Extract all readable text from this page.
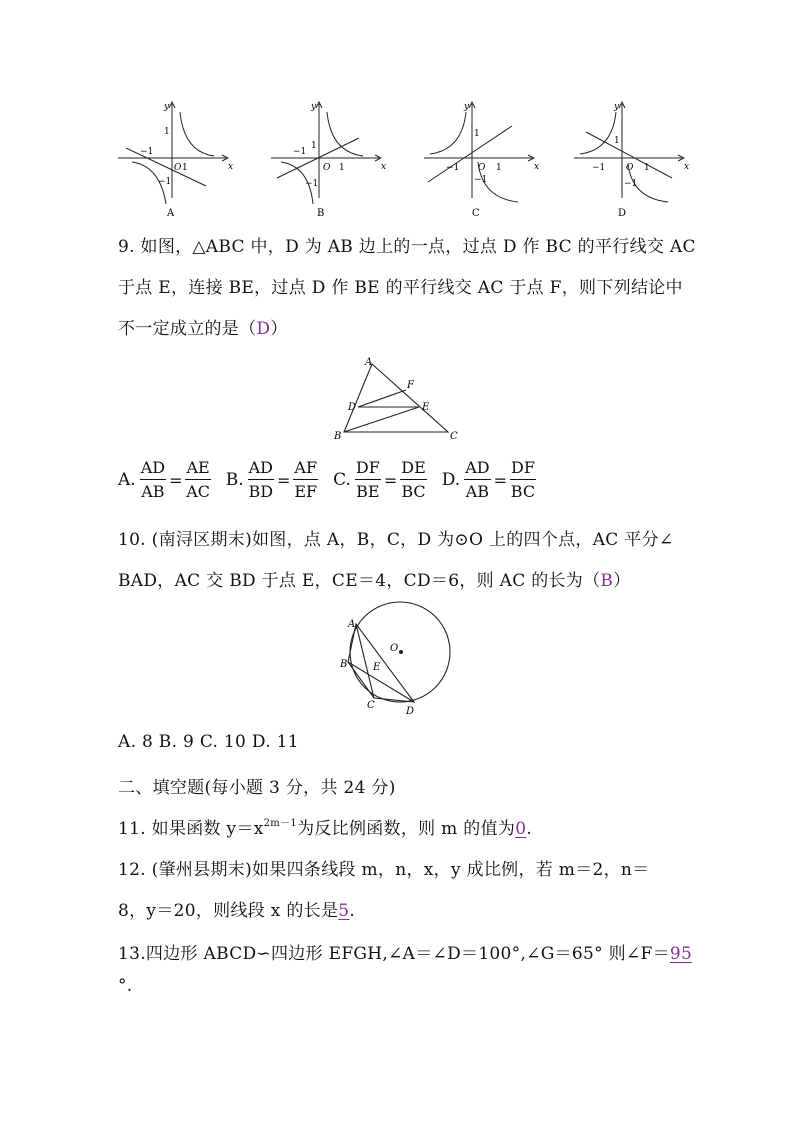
y
x
O
1
−1
1
−1
A
y
x
O
1
−1
1
−1
B
y
x
O
1
−1	1
−1
C
y
x
O
1
−1	1
−1
D
9. 如图，△ABC 中，D 为 AB 边上的一点，过点 D 作 BC 的平行线交 AC
于点 E，连接 BE，过点 D 作 BE 的平行线交 AC 于点 F，则下列结论中
不一定成立的是（D）
A
F
D	E
B	C
A. $\frac{AD}{AB} = \frac{AE}{AC} B$. $\frac{AD}{BD} = \frac{AF}{EF} C$. $\frac{DF}{BE} = \frac{DE}{BC} D$. $\frac{AD}{AB} = \frac{DF}{BC}$
10. (南浔区期末)如图，点 A，B，C，D 为⊙O 上的四个点，AC 平分∠
BAD，AC 交 BD 于点 E，CE＝4，CD＝6，则 AC 的长为（B）
A
O
B	E
C
D
A. 8 B. 9 C. 10 D. 11
二、填空题(每小题 3 分，共 24 分)
11. 如果函数 $y=x^{2m-1}$为反比例函数，则 m 的值为0.
12. (肇州县期末)如果四条线段 m，n，x，y 成比例，若 m＝2，n＝
8，y＝20，则线段 x 的长是5.
13.四边形 ABCD∽四边形 EFGH,∠A＝∠D＝100°,∠G＝65° 则∠F＝95
°.
